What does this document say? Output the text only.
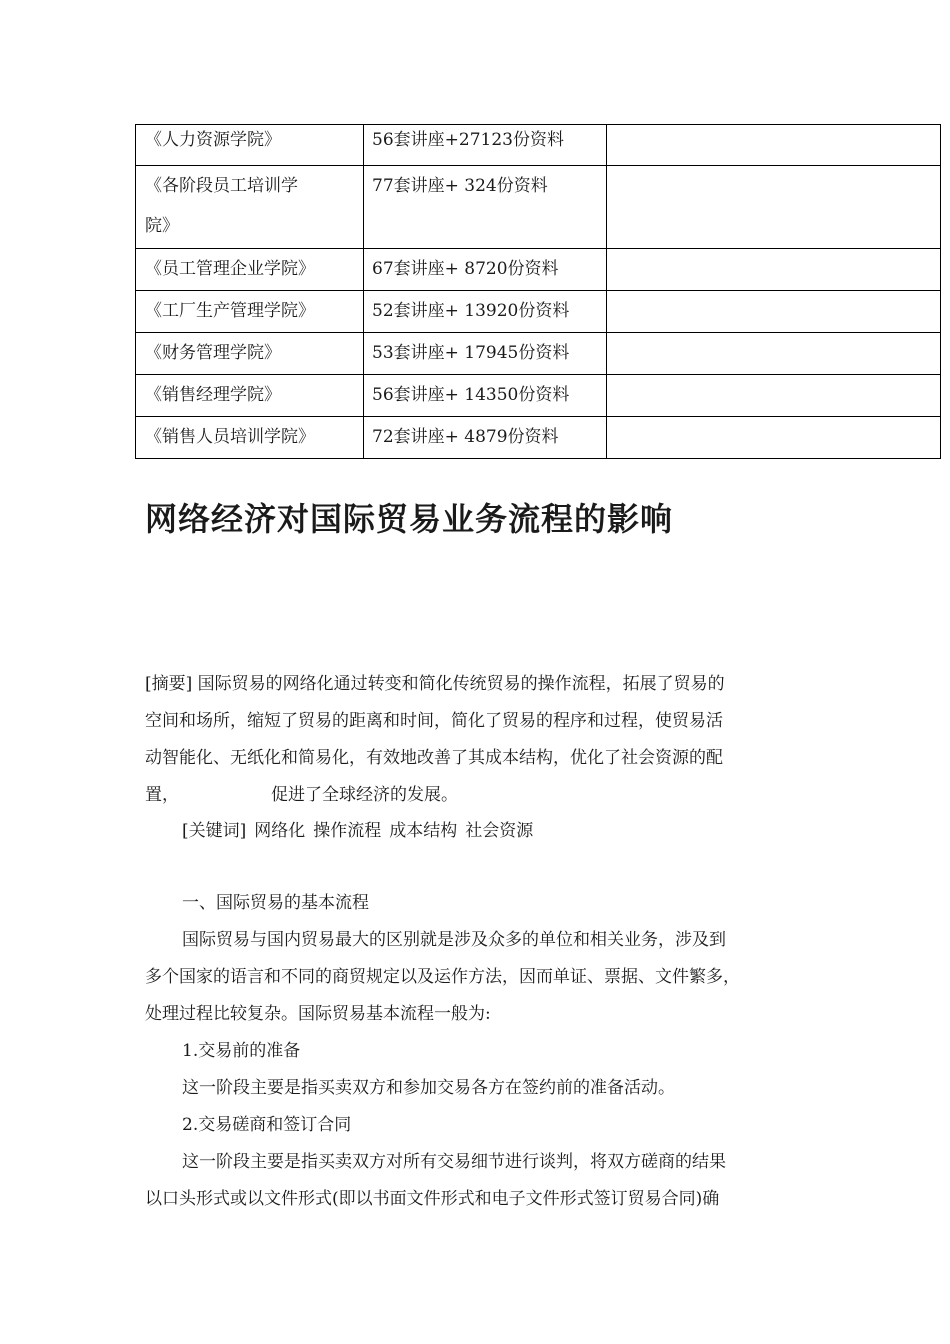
《人力资源学院》	56套讲座+27123份资料	

《各阶段员工培训学
院》	77套讲座+ 324份资料	
《员工管理企业学院》	67套讲座+ 8720份资料	
《工厂生产管理学院》	52套讲座+ 13920份资料	
《财务管理学院》	53套讲座+ 17945份资料	
《销售经理学院》	56套讲座+ 14350份资料	
《销售人员培训学院》	72套讲座+ 4879份资料	
网络经济对国际贸易业务流程的影响
[摘要] 国际贸易的网络化通过转变和简化传统贸易的操作流程，拓展了贸易的
空间和场所，缩短了贸易的距离和时间，简化了贸易的程序和过程，使贸易活
动智能化、无纸化和简易化，有效地改善了其成本结构，优化了社会资源的配
置，	促进了全球经济的发展。
[关键词] 网络化 操作流程 成本结构 社会资源
一、国际贸易的基本流程
国际贸易与国内贸易最大的区别就是涉及众多的单位和相关业务，涉及到
多个国家的语言和不同的商贸规定以及运作方法，因而单证、票据、文件繁多，
处理过程比较复杂。国际贸易基本流程一般为:
1.交易前的准备
这一阶段主要是指买卖双方和参加交易各方在签约前的准备活动。
2.交易磋商和签订合同
这一阶段主要是指买卖双方对所有交易细节进行谈判，将双方磋商的结果
以口头形式或以文件形式(即以书面文件形式和电子文件形式签订贸易合同)确
